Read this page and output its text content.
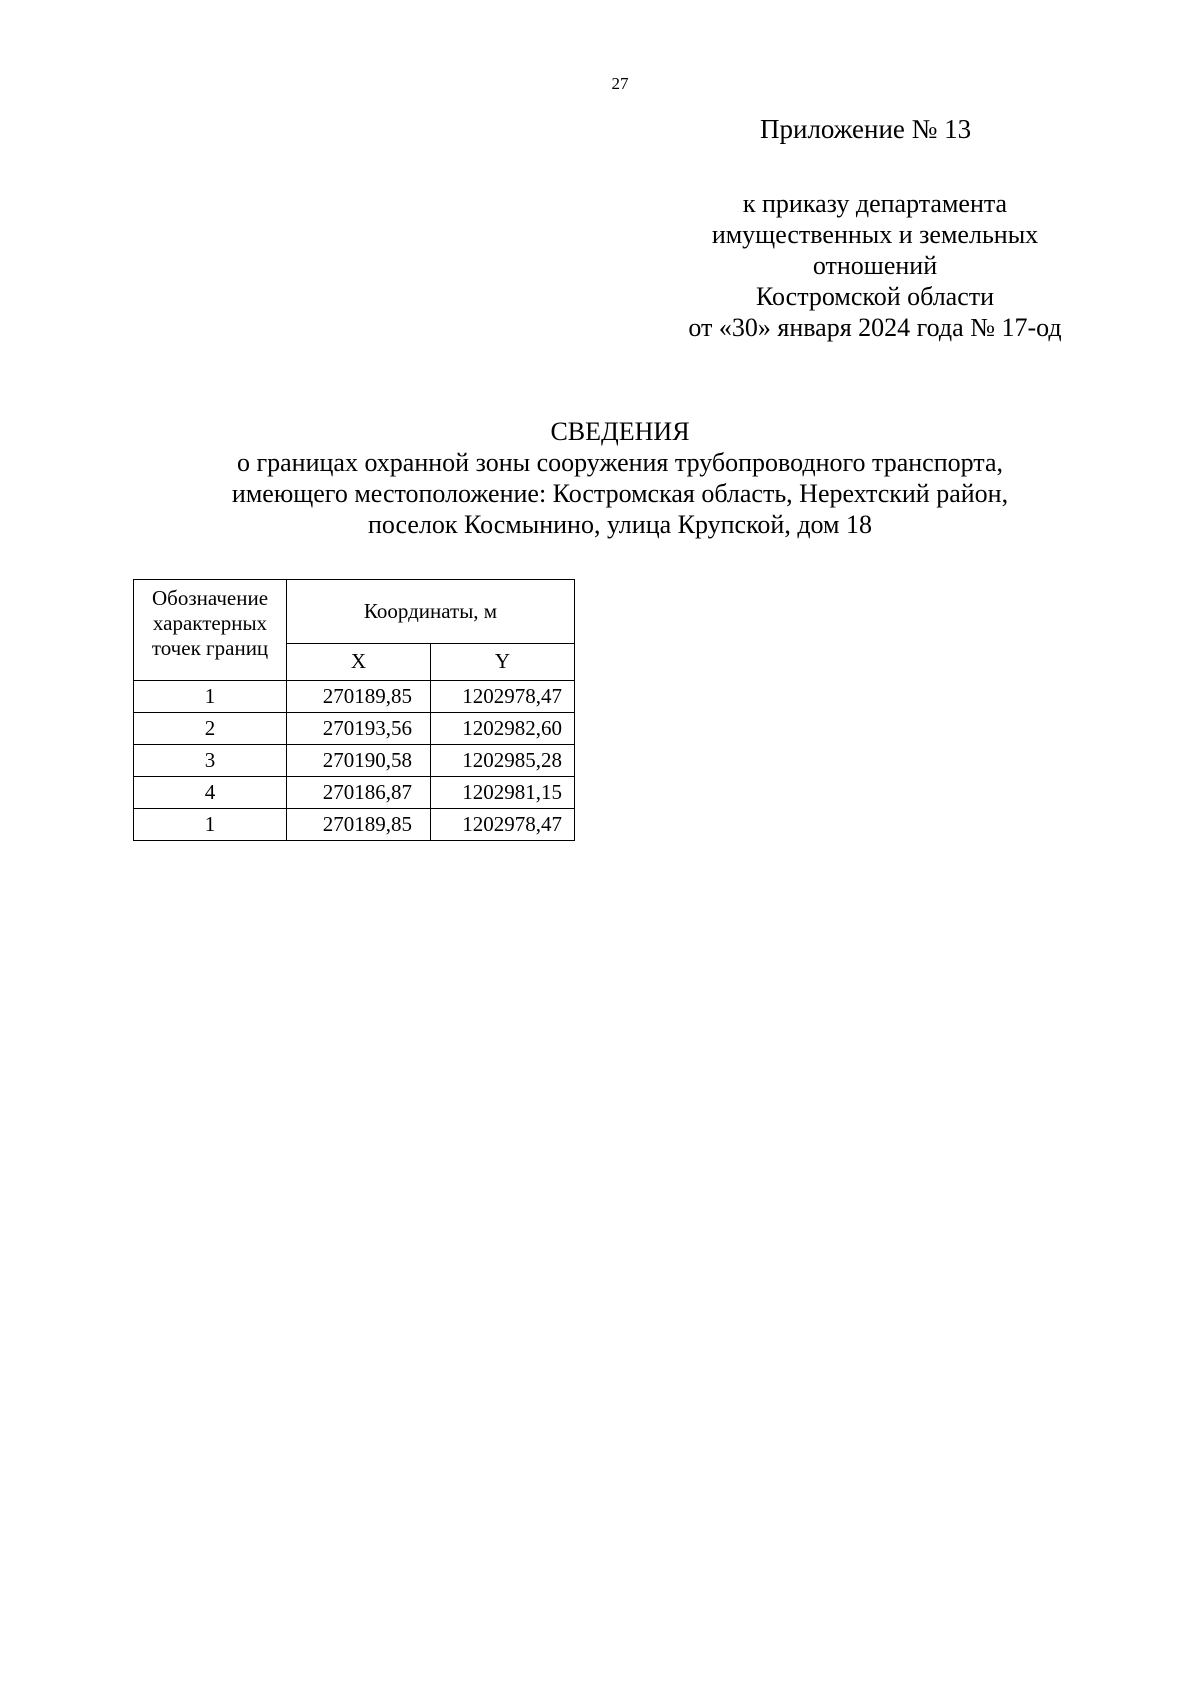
27
Приложение № 13
к приказу департамента
имущественных и земельных
отношений
Костромской области
от «30» января 2024 года № 17-од
СВЕДЕНИЯ
о границах охранной зоны сооружения трубопроводного транспорта,
имеющего местоположение: Костромская область, Нерехтский район,
поселок Космынино, улица Крупской, дом 18
Обозначение
характерных
точек границ	Координаты, м	
	X	Y
1	270189,85	1202978,47
2	270193,56	1202982,60
3	270190,58	1202985,28
4	270186,87	1202981,15
1	270189,85	1202978,47
